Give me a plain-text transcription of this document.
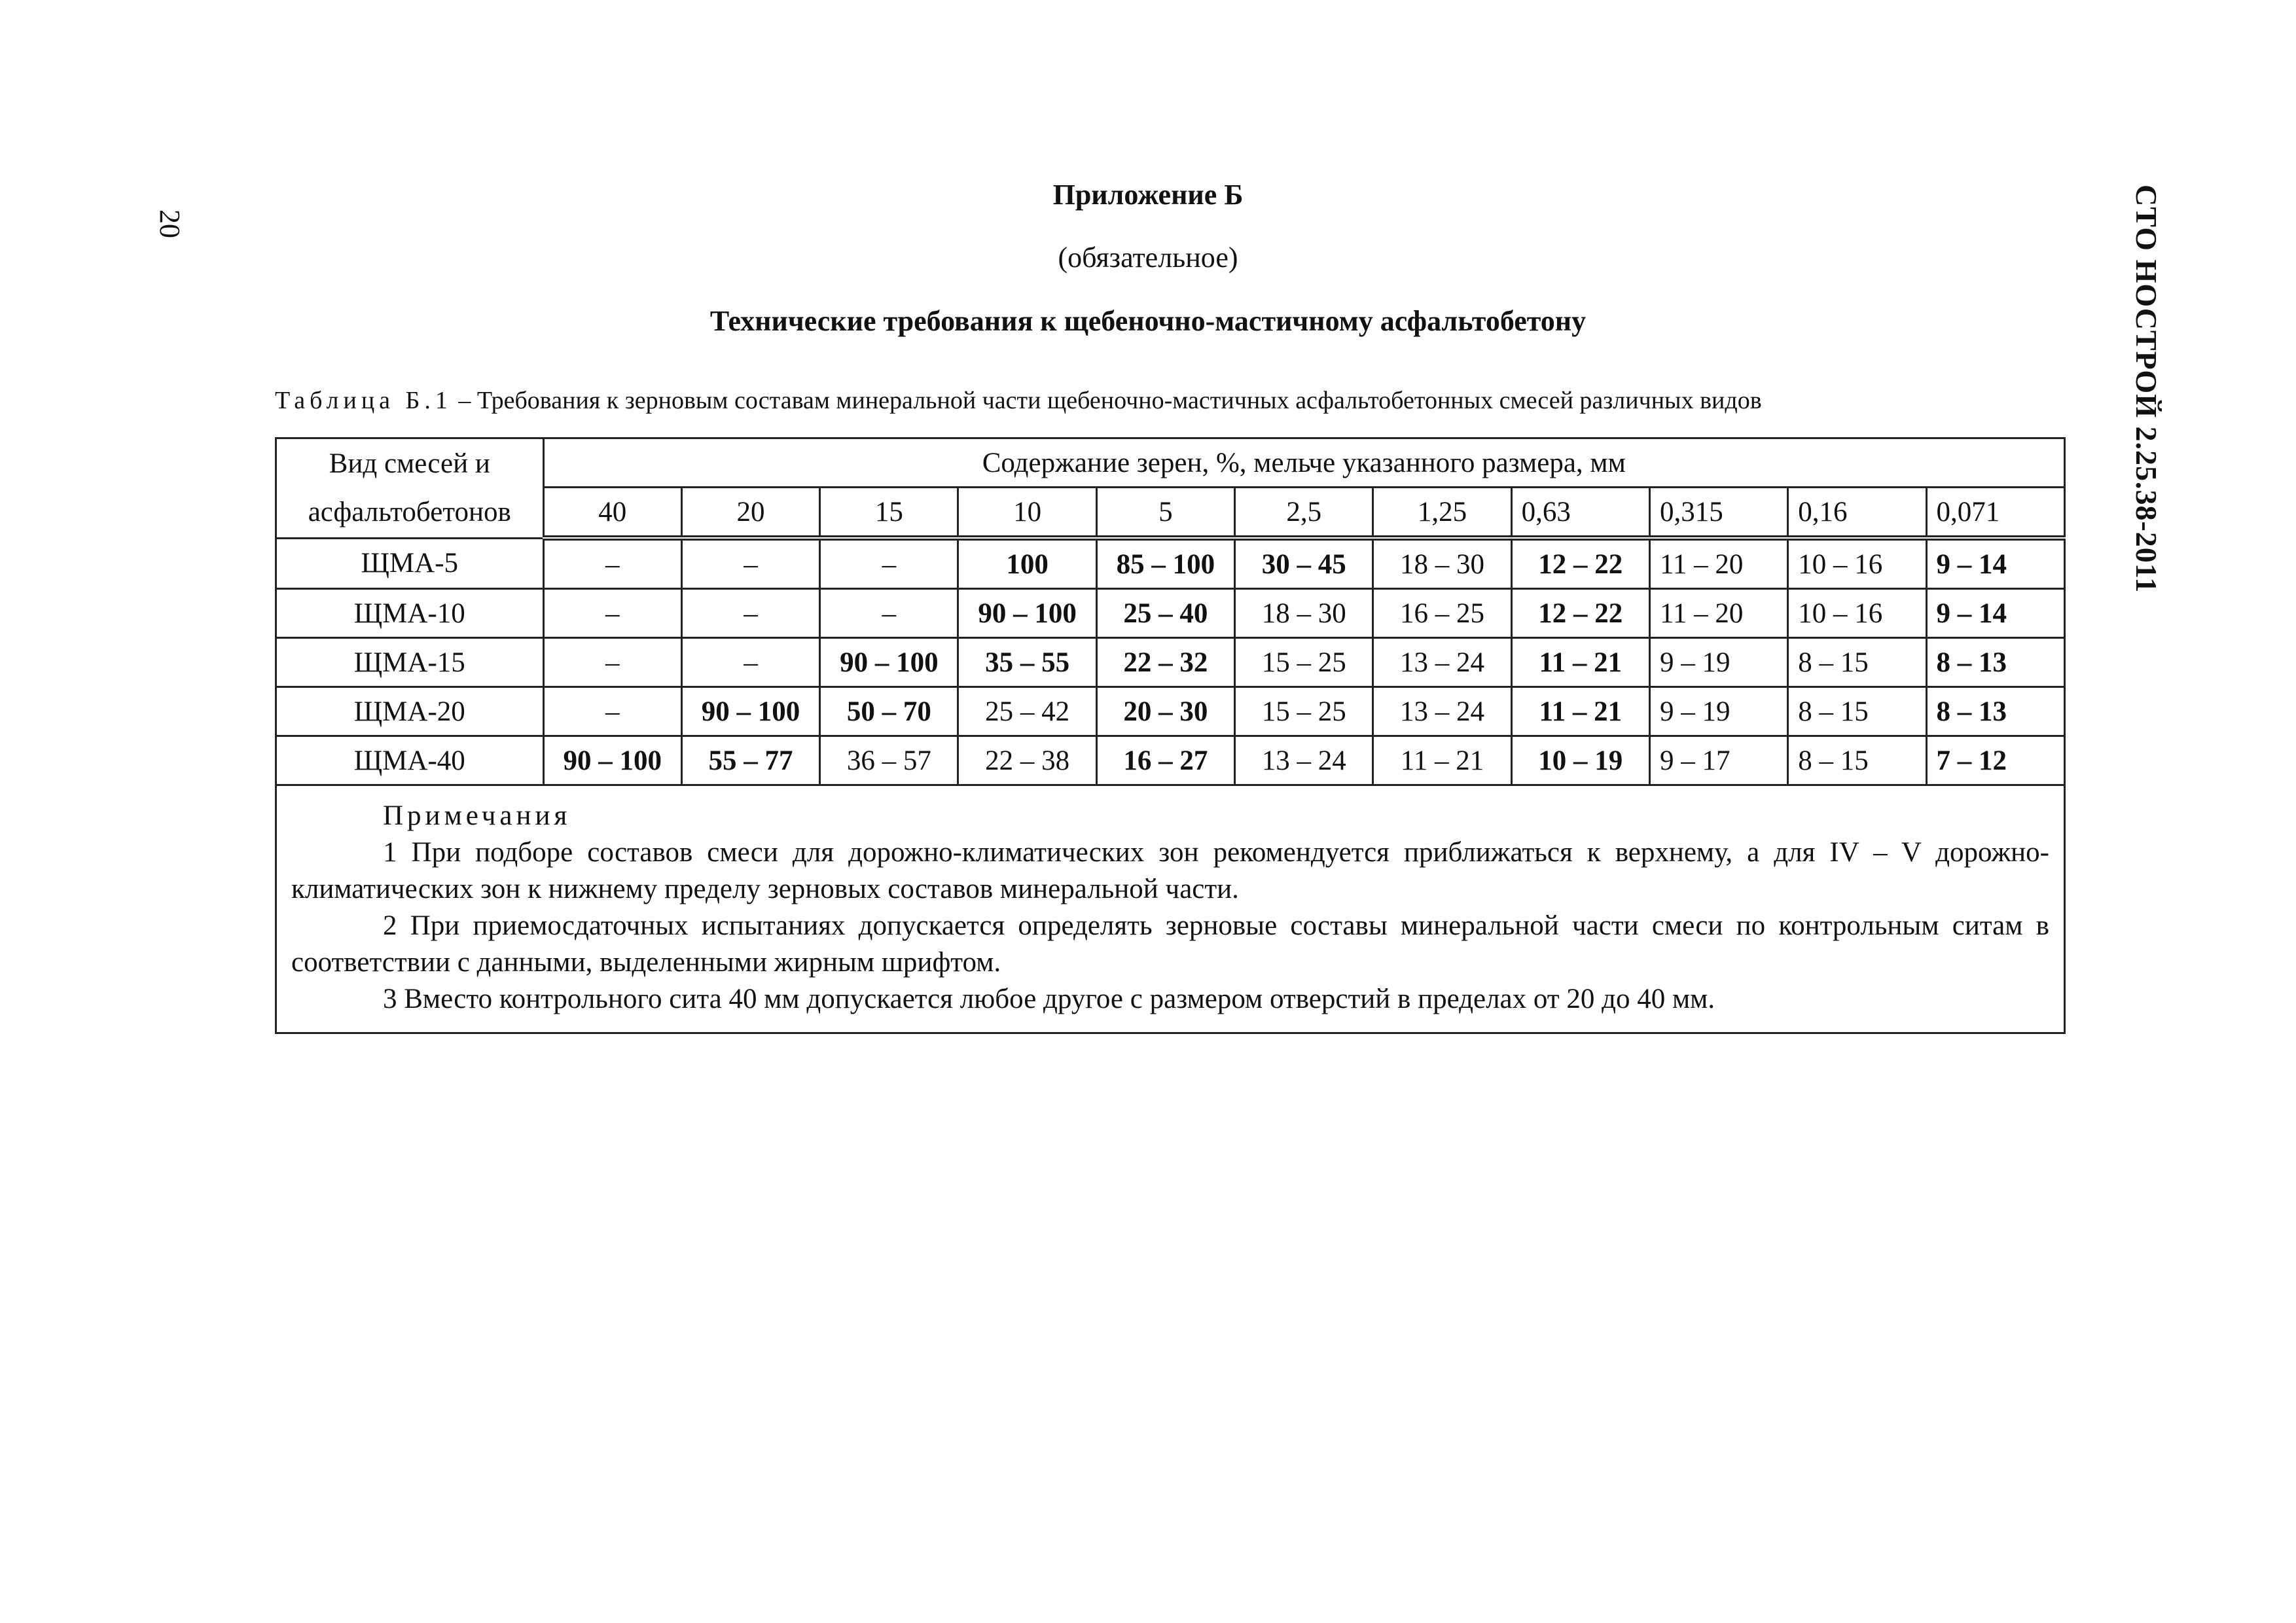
20	СТО НОСТРОЙ 2.25.38-2011
Приложение Б
(обязательное)
Технические требования к щебеночно-мастичному асфальтобетону
Таблица Б.1 – Требования к зерновым составам минеральной части щебеночно-мастичных асфальтобетонных смесей различных видов
Вид смесей и
асфальтобетонов	Содержание зерен, %, мельче указанного размера, мм										
	40	20	15	10	5	2,5	1,25	0,63	0,315	0,16	0,071
ЩМА-5	–	–	–	100	85 – 100	30 – 45	18 – 30	12 – 22	11 – 20	10 – 16	9 – 14
ЩМА-10	–	–	–	90 – 100	25 – 40	18 – 30	16 – 25	12 – 22	11 – 20	10 – 16	9 – 14
ЩМА-15	–	–	90 – 100	35 – 55	22 – 32	15 – 25	13 – 24	11 – 21	9 – 19	8 – 15	8 – 13
ЩМА-20	–	90 – 100	50 – 70	25 – 42	20 – 30	15 – 25	13 – 24	11 – 21	9 – 19	8 – 15	8 – 13
ЩМА-40	90 – 100	55 – 77	36 – 57	22 – 38	16 – 27	13 – 24	11 – 21	10 – 19	9 – 17	8 – 15	7 – 12

Примечания
1 При подборе составов смеси для дорожно-климатических зон рекомендуется приближаться к верхнему, а для IV – V дорожно-климатических зон к нижнему пределу зерновых составов минеральной части.
2 При приемосдаточных испытаниях допускается определять зерновые составы минеральной части смеси по контрольным ситам в соответствии с данными, выделенными жирным шрифтом.
3 Вместо контрольного сита 40 мм допускается любое другое с размером отверстий в пределах от 20 до 40 мм.											
